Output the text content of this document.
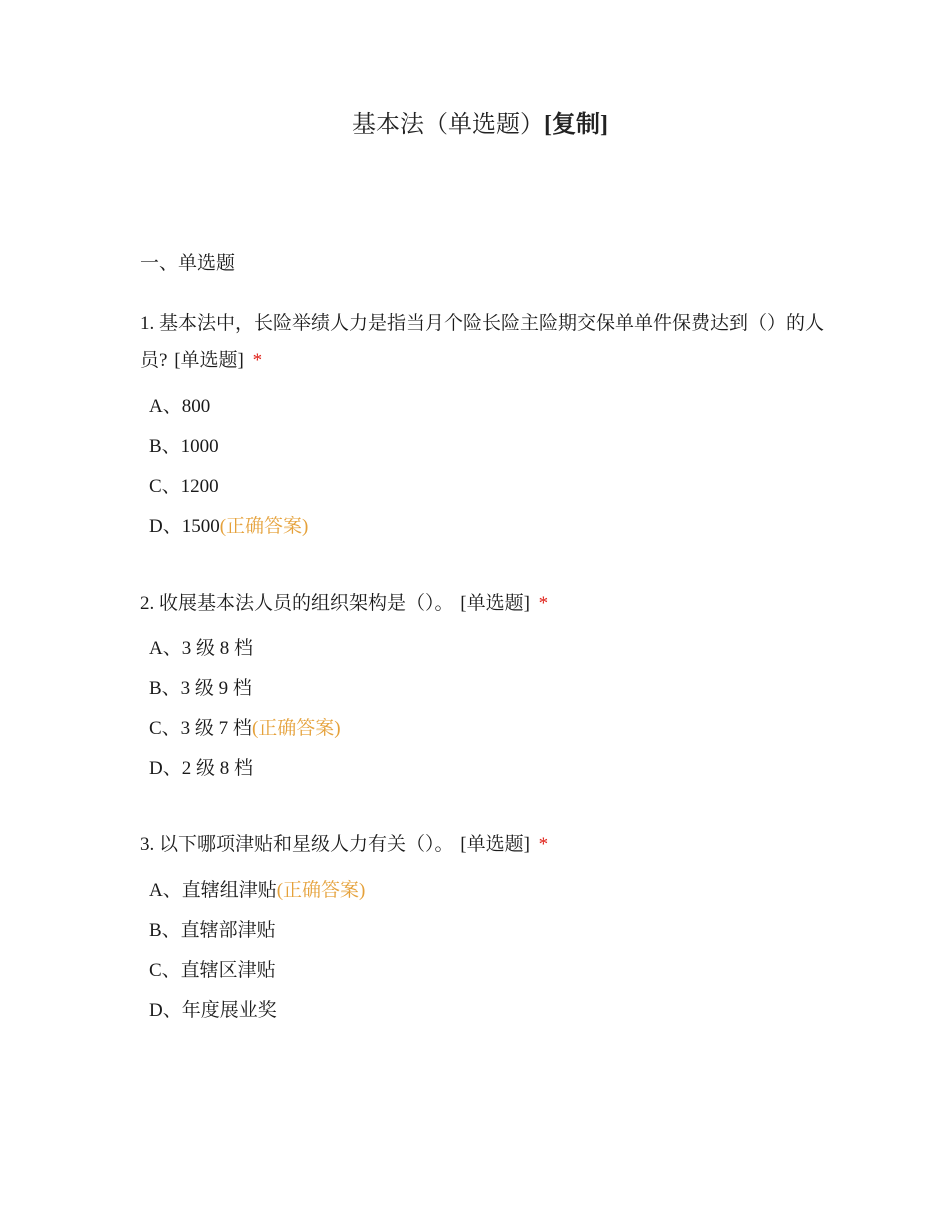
基本法（单选题）[复制]
一、单选题
1. 基本法中，长险举绩人力是指当月个险长险主险期交保单单件保费达到（）的人员? [单选题] *
A、800
B、1000
C、1200
D、1500(正确答案)
2. 收展基本法人员的组织架构是（）。 [单选题] *
A、3 级 8 档
B、3 级 9 档
C、3 级 7 档(正确答案)
D、2 级 8 档
3. 以下哪项津贴和星级人力有关（）。 [单选题] *
A、直辖组津贴(正确答案)
B、直辖部津贴
C、直辖区津贴
D、年度展业奖
